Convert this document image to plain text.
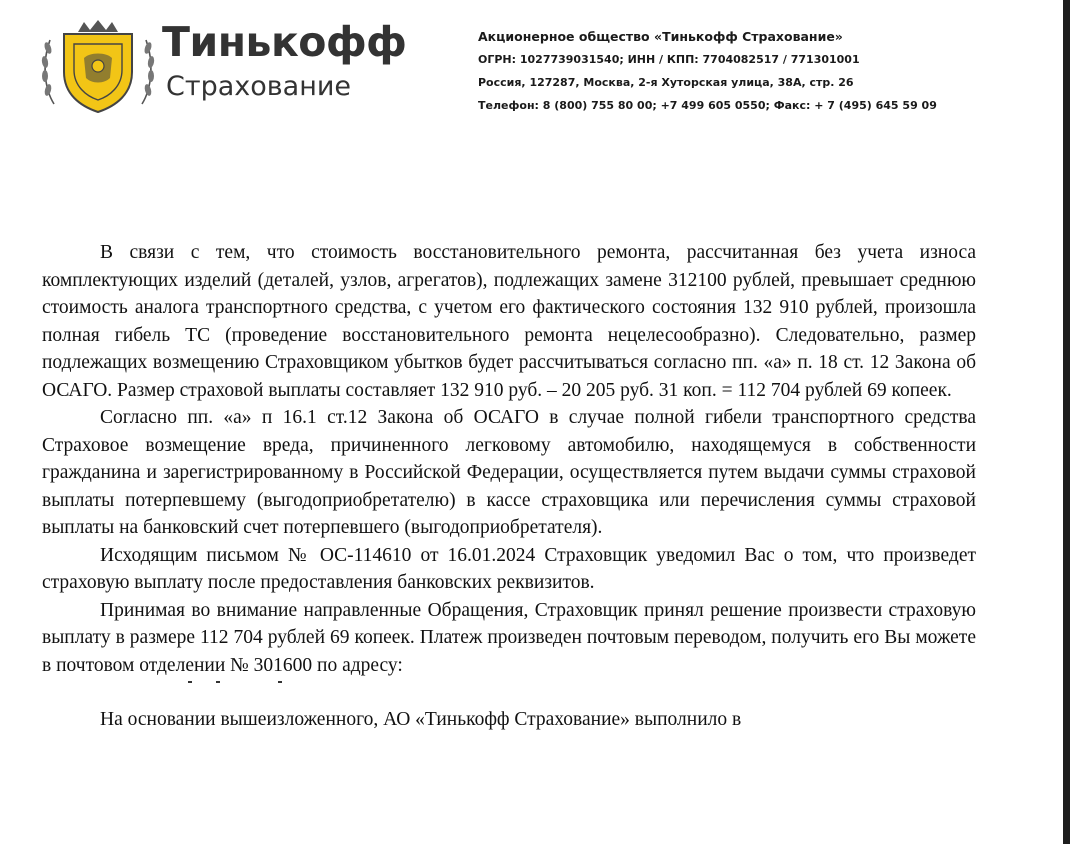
Тинькофф
Страхование
Акционерное общество «Тинькофф Страхование»
ОГРН: 1027739031540; ИНН / КПП: 7704082517 / 771301001
Россия, 127287, Москва, 2-я Хуторская улица, 38А, стр. 26
Телефон: 8 (800) 755 80 00; +7 499 605 0550; Факс: + 7 (495) 645 59 09

В связи с тем, что стоимость восстановительного ремонта, рассчитанная без учета износа комплектующих изделий (деталей, узлов, агрегатов), подлежащих замене 312100 рублей, превышает среднюю стоимость аналога транспортного средства, с учетом его фактического состояния 132 910 рублей, произошла полная гибель ТС (проведение восстановительного ремонта нецелесообразно). Следовательно, размер подлежащих возмещению Страховщиком убытков будет рассчитываться согласно пп. «а» п. 18 ст. 12 Закона об ОСАГО. Размер страховой выплаты составляет 132 910 руб. – 20 205 руб. 31 коп. = 112 704 рублей 69 копеек.

Согласно пп. «а» п 16.1 ст.12 Закона об ОСАГО в случае полной гибели транспортного средства Страховое возмещение вреда, причиненного легковому автомобилю, находящемуся в собственности гражданина и зарегистрированному в Российской Федерации, осуществляется путем выдачи суммы страховой выплаты потерпевшему (выгодоприобретателю) в кассе страховщика или перечисления суммы страховой выплаты на банковский счет потерпевшего (выгодоприобретателя).

Исходящим письмом № ОС-114610 от 16.01.2024 Страховщик уведомил Вас о том, что произведет страховую выплату после предоставления банковских реквизитов.

Принимая во внимание направленные Обращения, Страховщик принял решение произвести страховую выплату в размере 112 704 рублей 69 копеек. Платеж произведен почтовым переводом, получить его Вы можете в почтовом отделении № 301600 по адресу:

На основании вышеизложенного, АО «Тинькофф Страхование» выполнило в
